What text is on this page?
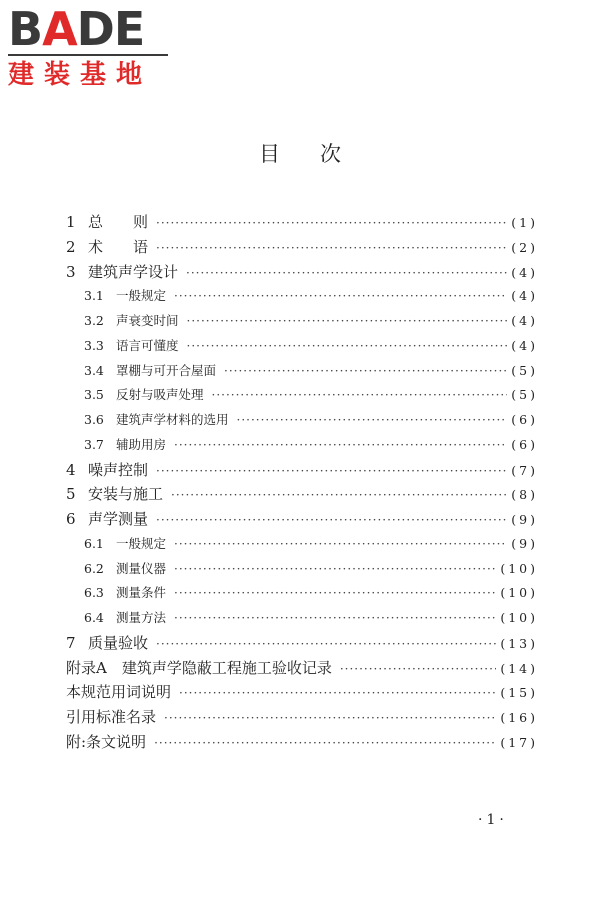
BADE
建装基地
目次
1 总　　则 ·····	(1)
2 术　　语 ·····	(2)
3 建筑声学设计 ·····	(4)
3.1 一般规定 ·····	(4)
3.2 声衰变时间 ·····	(4)
3.3 语言可懂度 ·····	(4)
3.4 罩棚与可开合屋面 ·····	(5)
3.5 反射与吸声处理 ·····	(5)
3.6 建筑声学材料的选用 ·····	(6)
3.7 辅助用房 ·····	(6)
4 噪声控制 ·····	(7)
5 安装与施工 ·····	(8)
6 声学测量 ·····	(9)
6.1 一般规定 ·····	(9)
6.2 测量仪器 ·····	(10)
6.3 测量条件 ·····	(10)
6.4 测量方法 ·····	(10)
7 质量验收 ·····	(13)
附录A　建筑声学隐蔽工程施工验收记录 ·····	(14)
本规范用词说明 ·····	(15)
引用标准名录 ·····	(16)
附:条文说明 ·····	(17)
·1·
